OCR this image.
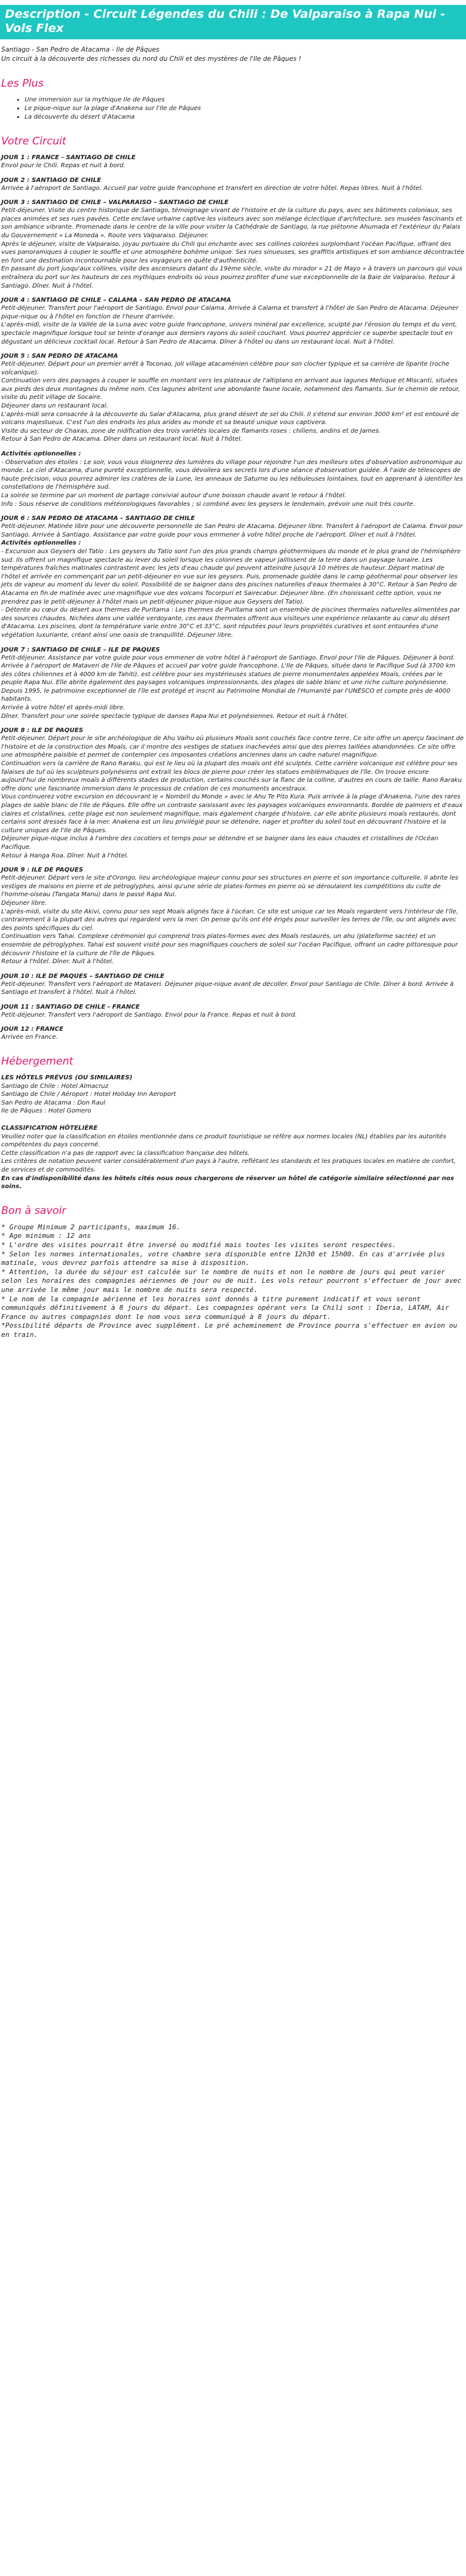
Description - Circuit Légendes du Chili : De Valparaiso à Rapa Nui - Vols Flex
Santiago - San Pedro de Atacama - Ile de Pâques
Un circuit à la découverte des richesses du nord du Chili et des mystères de l'Ile de Pâques !
Les Plus
• Une immersion sur la mythique Ile de Pâques
• Le pique-nique sur la plage d'Anakena sur l'Ile de Pâques
• La découverte du désert d'Atacama
Votre Circuit

JOUR 1 : FRANCE - SANTIAGO DE CHILE

Envol pour le Chili. Repas et nuit à bord.

JOUR 2 : SANTIAGO DE CHILE

Arrivée à l'aéroport de Santiago. Accueil par votre guide francophone et transfert en direction de votre hôtel. Repas libres. Nuit à l'hôtel.

JOUR 3 : SANTIAGO DE CHILE – VALPARAISO – SANTIAGO DE CHILE

Petit-déjeuner. Visite du centre historique de Santiago, témoignage vivant de l'histoire et de la culture du pays, avec ses bâtiments coloniaux, ses places animées et ses rues pavées. Cette enclave urbaine captive les visiteurs avec son mélange éclectique d'architecture, ses musées fascinants et son ambiance vibrante. Promenade dans le centre de la ville pour visiter la Cathédrale de Santiago, la rue piétonne Ahumada et l'extérieur du Palais du Gouvernement « La Moneda ». Route vers Valparaiso. Déjeuner.

Après le déjeuner, visite de Valparaiso, joyau portuaire du Chili qui enchante avec ses collines colorées surplombant l'océan Pacifique, offrant des vues panoramiques à couper le souffle et une atmosphère bohème unique. Ses rues sinueuses, ses graffitis artistiques et son ambiance décontractée en font une destination incontournable pour les voyageurs en quête d'authenticité.

En passant du port jusqu'aux collines, visite des ascenseurs datant du 19ème siècle, visite du mirador « 21 de Mayo » à travers un parcours qui vous entraînera du port sur les hauteurs de ces mythiques endroits où vous pourrez profiter d'une vue exceptionnelle de la Baie de Valparaiso. Retour à Santiago. Dîner. Nuit à l'hôtel.

JOUR 4 : SANTIAGO DE CHILE – CALAMA – SAN PEDRO DE ATACAMA

Petit-déjeuner. Transfert pour l'aéroport de Santiago. Envol pour Calama. Arrivée à Calama et transfert à l'hôtel de San Pedro de Atacama. Déjeuner pique-nique ou à l'hôtel en fonction de l'heure d'arrivée.

L'après-midi, visite de la Vallée de la Luna avec votre guide francophone, univers minéral par excellence, sculpté par l'érosion du temps et du vent, spectacle magnifique lorsque tout se teinte d'orange aux derniers rayons du soleil couchant. Vous pourrez apprécier ce superbe spectacle tout en dégustant un délicieux cocktail local. Retour à San Pedro de Atacama. Dîner à l'hôtel ou dans un restaurant local. Nuit à l'hôtel.

JOUR 5 : SAN PEDRO DE ATACAMA

Petit-déjeuner. Départ pour un premier arrêt à Toconao, joli village atacaménien célèbre pour son clocher typique et sa carrière de liparite (roche volcanique).

Continuation vers des paysages à couper le souffle en montant vers les plateaux de l'altiplano en arrivant aux lagunes Meñique et Miscanti, situées aux pieds des deux montagnes du même nom. Ces lagunes abritent une abondante faune locale, notamment des flamants. Sur le chemin de retour, visite du petit village de Socaire.

Déjeuner dans un restaurant local.

L'après-midi sera consacrée à la découverte du Salar d'Atacama, plus grand désert de sel du Chili. Il s'étend sur environ 3000 km² et est entouré de volcans majestueux. C'est l'un des endroits les plus arides au monde et sa beauté unique vous captivera.

Visite du secteur de Chaxas, zone de nidification des trois variétés locales de flamants roses : chiliens, andins et de James.

Retour à San Pedro de Atacama. Dîner dans un restaurant local. Nuit à l'hôtel.

Activités optionnelles :

- Observation des étoiles : Le soir, vous vous éloignerez des lumières du village pour rejoindre l'un des meilleurs sites d'observation astronomique au monde. Le ciel d'Atacama, d'une pureté exceptionnelle, vous dévoilera ses secrets lors d'une séance d'observation guidée. À l'aide de télescopes de haute précision, vous pourrez admirer les cratères de la Lune, les anneaux de Saturne ou les nébuleuses lointaines, tout en apprenant à identifier les constellations de l'hémisphère sud.

La soirée se termine par un moment de partage convivial autour d'une boisson chaude avant le retour à l'hôtel.

Info : Sous réserve de conditions météorologiques favorables ; si combiné avec les geysers le lendemain, prévoir une nuit très courte.

JOUR 6 : SAN PEDRO DE ATACAMA – SANTIAGO DE CHILE

Petit-déjeuner. Matinée libre pour une découverte personnelle de San Pedro de Atacama. Déjeuner libre. Transfert à l'aéroport de Calama. Envol pour Santiago. Arrivée à Santiago. Assistance par votre guide pour vous emmener à votre hôtel proche de l'aéroport. Dîner et nuit à l'hôtel.

Activités optionnelles :

- Excursion aux Geysers del Tatio : Les geysers du Tatio sont l'un des plus grands champs géothermiques du monde et le plus grand de l'hémisphère sud. Ils offrent un magnifique spectacle au lever du soleil lorsque les colonnes de vapeur jaillissent de la terre dans un paysage lunaire. Les températures fraîches matinales contrastent avec les jets d'eau chaude qui peuvent atteindre jusqu'à 10 mètres de hauteur. Départ matinal de l'hôtel et arrivée en commençant par un petit-déjeuner en vue sur les geysers. Puis, promenade guidée dans le camp géothermal pour observer les jets de vapeur au moment du lever du soleil. Possibilité de se baigner dans des piscines naturelles d'eaux thermales à 30°C. Retour à San Pedro de Atacama en fin de matinée avec une magnifique vue des volcans Tocorpuri et Sairecabur. Déjeuner libre. (En choisissant cette option, vous ne prendrez pas le petit-déjeuner à l'hôtel mais un petit-déjeuner pique-nique aux Geysers del Tatio).

- Détente au cœur du désert aux thermes de Puritama : Les thermes de Puritama sont un ensemble de piscines thermales naturelles alimentées par des sources chaudes. Nichées dans une vallée verdoyante, ces eaux thermales offrent aux visiteurs une expérience relaxante au cœur du désert d'Atacama. Les piscines, dont la température varie entre 30°C et 33°C, sont réputées pour leurs propriétés curatives et sont entourées d'une végétation luxuriante, créant ainsi une oasis de tranquillité. Déjeuner libre.

JOUR 7 : SANTIAGO DE CHILE – ILE DE PAQUES

Petit-déjeuner. Assistance par votre guide pour vous emmener de votre hôtel à l'aéroport de Santiago. Envol pour l'Ile de Pâques. Déjeuner à bord. Arrivée à l'aéroport de Mataveri de l'Ile de Pâques et accueil par votre guide francophone. L'Ile de Pâques, située dans le Pacifique Sud (à 3700 km des côtes chiliennes et à 4000 km de Tahiti), est célèbre pour ses mystérieuses statues de pierre monumentales appelées Moaïs, créées par le peuple Rapa Nui. Elle abrite également des paysages volcaniques impressionnants, des plages de sable blanc et une riche culture polynésienne.

Depuis 1995, le patrimoine exceptionnel de l'île est protégé et inscrit au Patrimoine Mondial de l'Humanité par l'UNESCO et compte près de 4000 habitants.

Arrivée à votre hôtel et après-midi libre.

Dîner. Transfert pour une soirée spectacle typique de danses Rapa Nui et polynésiennes. Retour et nuit à l'hôtel.

JOUR 8 : ILE DE PAQUES

Petit-déjeuner. Départ pour le site archéologique de Ahu Vaihu où plusieurs Moaïs sont couchés face contre terre. Ce site offre un aperçu fascinant de l'histoire et de la construction des Moaïs, car il montre des vestiges de statues inachevées ainsi que des pierres taillées abandonnées. Ce site offre une atmosphère paisible et permet de contempler ces imposantes créations anciennes dans un cadre naturel magnifique.

Continuation vers la carrière de Rano Raraku, qui est le lieu où la plupart des moaïs ont été sculptés. Cette carrière volcanique est célèbre pour ses falaises de tuf où les sculpteurs polynésiens ont extrait les blocs de pierre pour créer les statues emblématiques de l'île. On trouve encore aujourd'hui de nombreux moaïs à différents stades de production, certains couchés sur la flanc de la colline, d'autres en cours de taille. Rano Raraku offre donc une fascinante immersion dans le processus de création de ces monuments ancestraux.

Vous continuerez votre excursion en découvrant le « Nombril du Monde » avec le Ahu Te Pito Kura. Puis arrivée à la plage d'Anakena, l'une des rares plages de sable blanc de l'Ile de Pâques. Elle offre un contraste saisissant avec les paysages volcaniques environnants. Bordée de palmiers et d'eaux claires et cristallines, cette plage est non seulement magnifique, mais également chargée d'histoire, car elle abrite plusieurs moaïs restaurés, dont certains sont dressés face à la mer. Anakena est un lieu privilégié pour se détendre, nager et profiter du soleil tout en découvrant l'histoire et la culture uniques de l'Ile de Pâques.

Déjeuner pique-nique inclus à l'ombre des cocotiers et temps pour se détendre et se baigner dans les eaux chaudes et cristallines de l'Océan Pacifique.

Retour à Hanga Roa. Dîner. Nuit à l'hôtel.

JOUR 9 : ILE DE PAQUES

Petit-déjeuner. Départ vers le site d'Orongo, lieu archéologique majeur connu pour ses structures en pierre et son importance culturelle. Il abrite les vestiges de maisons en pierre et de pétroglyphes, ainsi qu'une série de plates-formes en pierre où se déroulaient les compétitions du culte de l'homme-oiseau (Tangata Manu) dans le passé Rapa Nui.

Déjeuner libre.

L'après-midi, visite du site Akivi, connu pour ses sept Moaïs alignés face à l'océan. Ce site est unique car les Moaïs regardent vers l'intérieur de l'île, contrairement à la plupart des autres qui regardent vers la mer. On pense qu'ils ont été érigés pour surveiller les terres de l'île, ou ont alignés avec des points spécifiques du ciel.

Continuation vers Tahai. Complexe cérémoniel qui comprend trois plates-formes avec des Moaïs restaurés, un ahu (plateforme sacrée) et un ensemble de pétroglyphes. Tahai est souvent visité pour ses magnifiques couchers de soleil sur l'océan Pacifique, offrant un cadre pittoresque pour découvrir l'histoire et la culture de l'île de Pâques.

Retour à l'hôtel. Dîner. Nuit à l'hôtel.

JOUR 10 : ILE DE PAQUES – SANTIAGO DE CHILE

Petit-déjeuner. Transfert vers l'aéroport de Mataveri. Déjeuner pique-nique avant de décoller. Envol pour Santiago de Chile. Dîner à bord. Arrivée à Santiago et transfert à l'hôtel. Nuit à l'hôtel.

JOUR 11 : SANTIAGO DE CHILE - FRANCE

Petit-déjeuner. Transfert vers l'aéroport de Santiago. Envol pour la France. Repas et nuit à bord.

JOUR 12 : FRANCE

Arrivée en France.

Hébergement

LES HÔTELS PRÉVUS (OU SIMILAIRES)

Santiago de Chile : Hotel Almacruz

Santiago de Chile / Aéroport : Hotel Holiday Inn Aeroport

San Pedro de Atacama : Don Raul

Ile de Pâques : Hotel Gomero

CLASSIFICATION HÔTELIÈRE

Veuillez noter que la classification en étoiles mentionnée dans ce produit touristique se réfère aux normes locales (NL) établies par les autorités compétentes du pays concerné.

Cette classification n'a pas de rapport avec la classification française des hôtels.

Les critères de notation peuvent varier considérablement d'un pays à l'autre, reflétant les standards et les pratiques locales en matière de confort, de services et de commodités.

En cas d'indisponibilité dans les hôtels cités nous nous chargerons de réserver un hôtel de catégorie similaire sélectionné par nos soins.

Bon à savoir

* Groupe Minimum 2 participants, maximum 16.

* Age minimum : 12 ans

* L'ordre des visites pourrait être inversé ou modifié mais toutes les visites seront respectées.

* Selon les normes internationales, votre chambre sera disponible entre 12h30 et 15h00. En cas d'arrivée plus matinale, vous devrez parfois attendre sa mise à disposition.

* Attention, la durée du séjour est calculée sur le nombre de nuits et non le nombre de jours qui peut varier selon les horaires des compagnies aériennes de jour ou de nuit. Les vols retour pourront s'effectuer de jour avec une arrivée le même jour mais le nombre de nuits sera respecté.

* Le nom de la compagnie aérienne et les horaires sont donnés à titre purement indicatif et vous seront communiqués définitivement à 8 jours du départ. Les compagnies opérant vers la Chili sont : Iberia, LATAM, Air France ou autres compagnies dont le nom vous sera communiqué à 8 jours du départ.

*Possibilité départs de Province avec supplément. Le pré acheminement de Province pourra s'effectuer en avion ou en train.
